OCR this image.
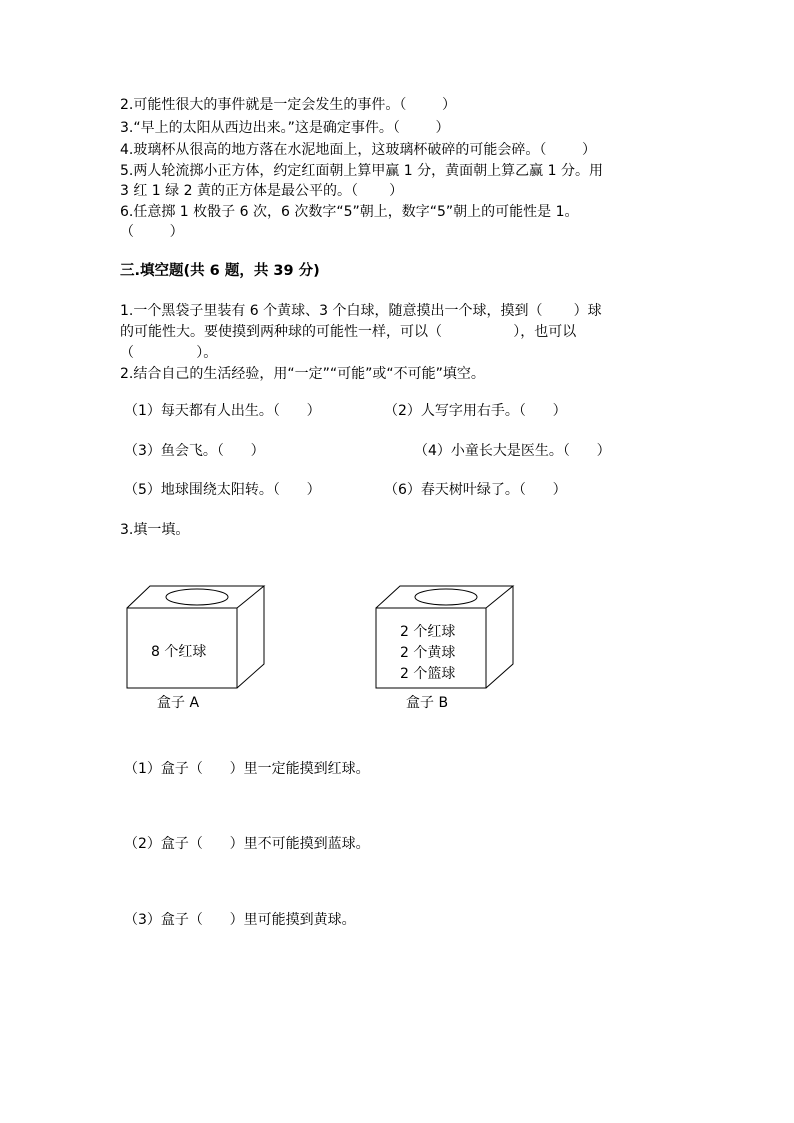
2.可能性很大的事件就是一定会发生的事件。（        ）
3.“早上的太阳从西边出来。”这是确定事件。（        ）
4.玻璃杯从很高的地方落在水泥地面上，这玻璃杯破碎的可能会碎。（        ）
5.两人轮流掷小正方体，约定红面朝上算甲赢 1 分，黄面朝上算乙赢 1 分。用
3 红 1 绿 2 黄的正方体是最公平的。（       ）
6.任意掷 1 枚骰子 6 次，6 次数字“5”朝上，数字“5”朝上的可能性是 1。
（        ）
三.填空题(共 6 题，共 39 分)
1.一个黑袋子里装有 6 个黄球、3 个白球，随意摸出一个球，摸到（       ）球
的可能性大。要使摸到两种球的可能性一样，可以（                ），也可以
（              ）。
2.结合自己的生活经验，用“一定”“可能”或“不可能”填空。
（1）每天都有人出生。（      ）	（2）人写字用右手。（      ）
（3）鱼会飞。（      ）	（4）小童长大是医生。（      ）
（5）地球围绕太阳转。（      ）	（6）春天树叶绿了。（      ）
3.填一填。
8 个红球
盒子 A
2 个红球
2 个黄球
2 个篮球
盒子 B
（1）盒子（      ）里一定能摸到红球。
（2）盒子（      ）里不可能摸到蓝球。
（3）盒子（      ）里可能摸到黄球。
